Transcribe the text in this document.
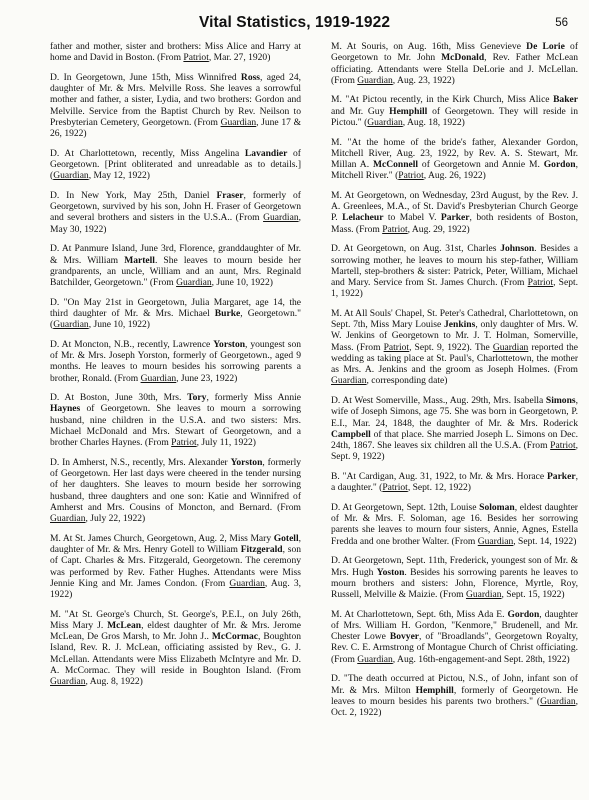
Vital Statistics, 1919-1922	56

father and mother, sister and brothers: Miss Alice and Harry at home and David in Boston. (From Patriot, Mar. 27, 1920)

D. In Georgetown, June 15th, Miss Winnifred Ross, aged 24, daughter of Mr. & Mrs. Melville Ross. She leaves a sorrowful mother and father, a sister, Lydia, and two brothers: Gordon and Melville. Service from the Baptist Church by Rev. Neilson to Presbyterian Cemetery, Georgetown. (From Guardian, June 17 & 26, 1922)

D. At Charlottetown, recently, Miss Angelina Lavandier of Georgetown. [Print obliterated and unreadable as to details.] (Guardian, May 12, 1922)

D. In New York, May 25th, Daniel Fraser, formerly of Georgetown, survived by his son, John H. Fraser of Georgetown and several brothers and sisters in the U.S.A.. (From Guardian, May 30, 1922)

D. At Panmure Island, June 3rd, Florence, granddaughter of Mr. & Mrs. William Martell. She leaves to mourn beside her grandparents, an uncle, William and an aunt, Mrs. Reginald Batchilder, Georgetown." (From Guardian, June 10, 1922)

D. "On May 21st in Georgetown, Julia Margaret, age 14, the third daughter of Mr. & Mrs. Michael Burke, Georgetown." (Guardian, June 10, 1922)

D. At Moncton, N.B., recently, Lawrence Yorston, youngest son of Mr. & Mrs. Joseph Yorston, formerly of Georgetown., aged 9 months. He leaves to mourn besides his sorrowing parents a brother, Ronald. (From Guardian, June 23, 1922)

D. At Boston, June 30th, Mrs. Tory, formerly Miss Annie Haynes of Georgetown. She leaves to mourn a sorrowing husband, nine children in the U.S.A. and two sisters: Mrs. Michael McDonald and Mrs. Stewart of Georgetown, and a brother Charles Haynes. (From Patriot, July 11, 1922)

D. In Amherst, N.S., recently, Mrs. Alexander Yorston, formerly of Georgetown. Her last days were cheered in the tender nursing of her daughters. She leaves to mourn beside her sorrowing husband, three daughters and one son: Katie and Winnifred of Amherst and Mrs. Cousins of Moncton, and Bernard. (From Guardian, July 22, 1922)

M. At St. James Church, Georgetown, Aug. 2, Miss Mary Gotell, daughter of Mr. & Mrs. Henry Gotell to William Fitzgerald, son of Capt. Charles & Mrs. Fitzgerald, Georgetown. The ceremony was performed by Rev. Father Hughes. Attendants were Miss Jennie King and Mr. James Condon. (From Guardian, Aug. 3, 1922)

M. "At St. George's Church, St. George's, P.E.I., on July 26th, Miss Mary J. McLean, eldest daughter of Mr. & Mrs. Jerome McLean, De Gros Marsh, to Mr. John J.. McCormac, Boughton Island, Rev. R. J. McLean, officiating assisted by Rev., G. J. McLellan. Attendants were Miss Elizabeth McIntyre and Mr. D. A. McCormac. They will reside in Boughton Island. (From Guardian, Aug. 8, 1922)

M. At Souris, on Aug. 16th, Miss Genevieve De Lorie of Georgetown to Mr. John McDonald, Rev. Father McLean officiating. Attendants were Stella DeLorie and J. McLellan. (From Guardian, Aug. 23, 1922)

M. "At Pictou recently, in the Kirk Church, Miss Alice Baker and Mr. Guy Hemphill of Georgetown. They will reside in Pictou." (Guardian, Aug. 18, 1922)

M. "At the home of the bride's father, Alexander Gordon, Mitchell River, Aug. 23, 1922, by Rev. A. S. Stewart, Mr. Millan A. McConnell of Georgetown and Annie M. Gordon, Mitchell River." (Patriot, Aug. 26, 1922)

M. At Georgetown, on Wednesday, 23rd August, by the Rev. J. A. Greenlees, M.A., of St. David's Presbyterian Church George P. Lelacheur to Mabel V. Parker, both residents of Boston, Mass. (From Patriot, Aug. 29, 1922)

D. At Georgetown, on Aug. 31st, Charles Johnson. Besides a sorrowing mother, he leaves to mourn his step-father, William Martell, step-brothers & sister: Patrick, Peter, William, Michael and Mary. Service from St. James Church. (From Patriot, Sept. 1, 1922)

M. At All Souls' Chapel, St. Peter's Cathedral, Charlottetown, on Sept. 7th, Miss Mary Louise Jenkins, only daughter of Mrs. W. W. Jenkins of Georgetown to Mr. J. T. Holman, Somerville, Mass. (From Patriot, Sept. 9, 1922). The Guardian reported the wedding as taking place at St. Paul's, Charlottetown, the mother as Mrs. A. Jenkins and the groom as Joseph Holmes. (From Guardian, corresponding date)

D. At West Somerville, Mass., Aug. 29th, Mrs. Isabella Simons, wife of Joseph Simons, age 75. She was born in Georgetown, P. E.I., Mar. 24, 1848, the daughter of Mr. & Mrs. Roderick Campbell of that place. She married Joseph L. Simons on Dec. 24th, 1867. She leaves six children all the U.S.A. (From Patriot, Sept. 9, 1922)

B. "At Cardigan, Aug. 31, 1922, to Mr. & Mrs. Horace Parker, a daughter." (Patriot, Sept. 12, 1922)

D. At Georgetown, Sept. 12th, Louise Soloman, eldest daughter of Mr. & Mrs. F. Soloman, age 16. Besides her sorrowing parents she leaves to mourn four sisters, Annie, Agnes, Estella Fredda and one brother Walter. (From Guardian, Sept. 14, 1922)

D. At Georgetown, Sept. 11th, Frederick, youngest son of Mr. & Mrs. Hugh Yoston. Besides his sorrowing parents he leaves to mourn brothers and sisters: John, Florence, Myrtle, Roy, Russell, Melville & Maizie. (From Guardian, Sept. 15, 1922)

M. At Charlottetown, Sept. 6th, Miss Ada E. Gordon, daughter of Mrs. William H. Gordon, "Kenmore," Brudenell, and Mr. Chester Lowe Bovyer, of "Broadlands", Georgetown Royalty, Rev. C. E. Armstrong of Montague Church of Christ officiating. (From Guardian, Aug. 16th-engagement-and Sept. 28th, 1922)

D. "The death occurred at Pictou, N.S., of John, infant son of Mr. & Mrs. Milton Hemphill, formerly of Georgetown. He leaves to mourn besides his parents two brothers." (Guardian, Oct. 2, 1922)
